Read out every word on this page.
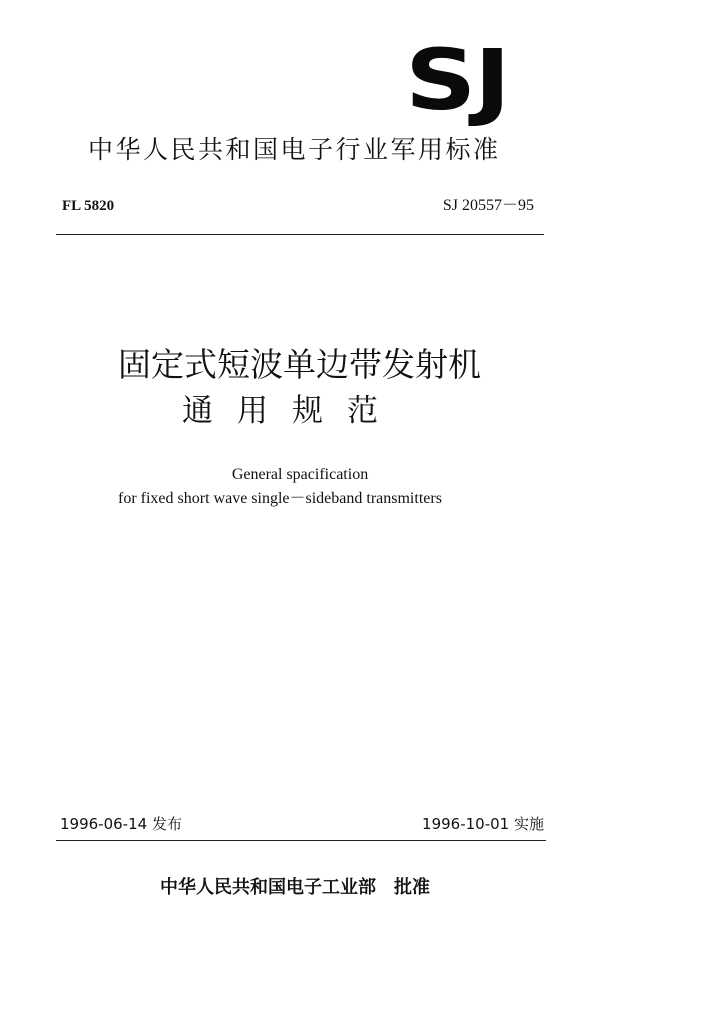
SJ
中华人民共和国电子行业军用标准
FL 5820	SJ 20557－95
固定式短波单边带发射机
通用规范
General spacification
for fixed short wave single－sideband transmitters
1996-06-14 发布	1996-10-01 实施
中华人民共和国电子工业部 批准
